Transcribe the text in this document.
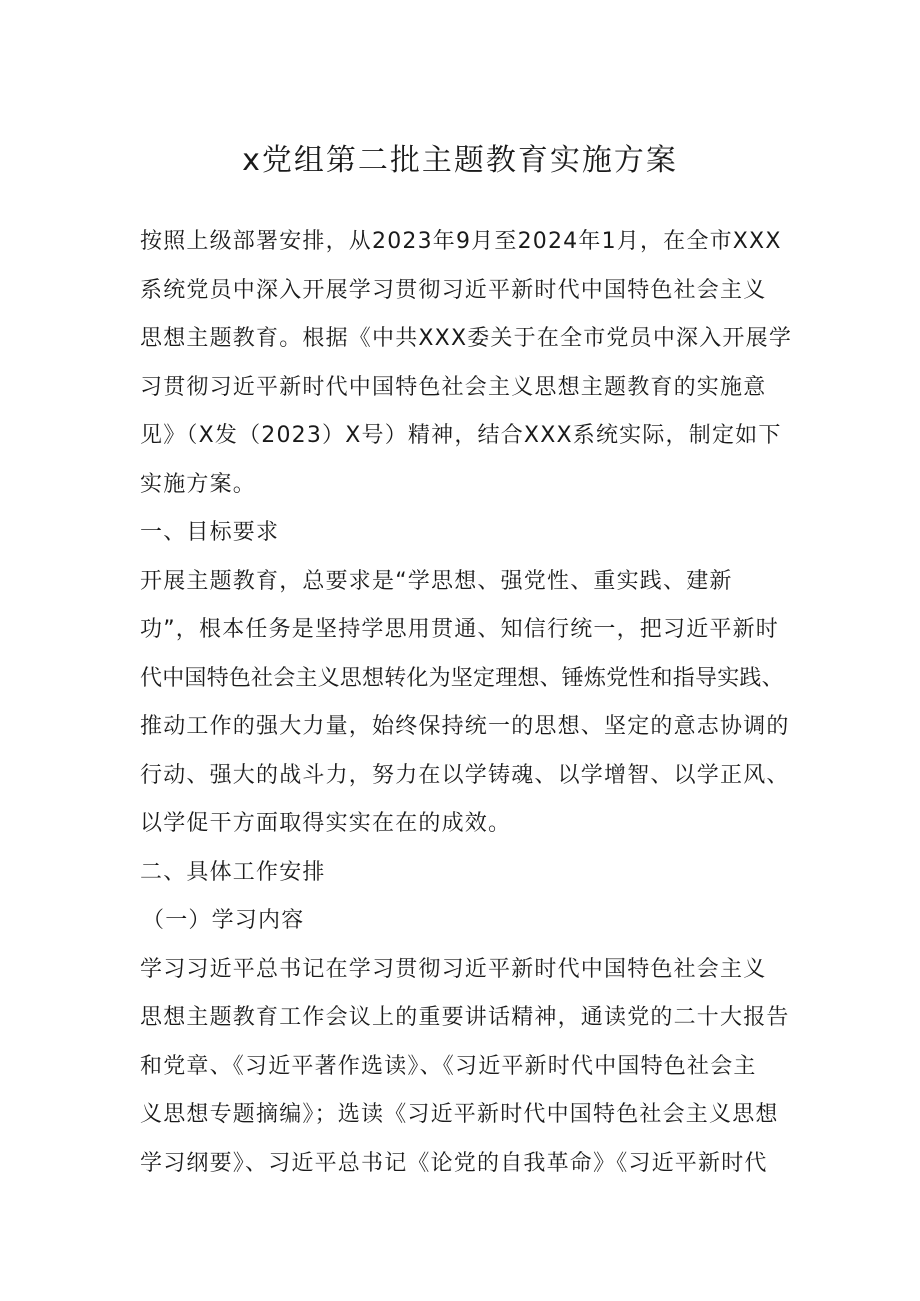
x党组第二批主题教育实施方案
按照上级部署安排，从2023年9月至2024年1月，在全市XXX
系统党员中深入开展学习贯彻习近平新时代中国特色社会主义
思想主题教育。根据《中共XXX委关于在全市党员中深入开展学
习贯彻习近平新时代中国特色社会主义思想主题教育的实施意
见》（X发（2023）X号）精神，结合XXX系统实际，制定如下
实施方案。
一、目标要求
开展主题教育，总要求是“学思想、强党性、重实践、建新
功”，根本任务是坚持学思用贯通、知信行统一，把习近平新时
代中国特色社会主义思想转化为坚定理想、锤炼党性和指导实践、
推动工作的强大力量，始终保持统一的思想、坚定的意志协调的
行动、强大的战斗力，努力在以学铸魂、以学增智、以学正风、
以学促干方面取得实实在在的成效。
二、具体工作安排
（一）学习内容
学习习近平总书记在学习贯彻习近平新时代中国特色社会主义
思想主题教育工作会议上的重要讲话精神，通读党的二十大报告
和党章、《习近平著作选读》、《习近平新时代中国特色社会主
义思想专题摘编》；选读《习近平新时代中国特色社会主义思想
学习纲要》、习近平总书记《论党的自我革命》《习近平新时代
